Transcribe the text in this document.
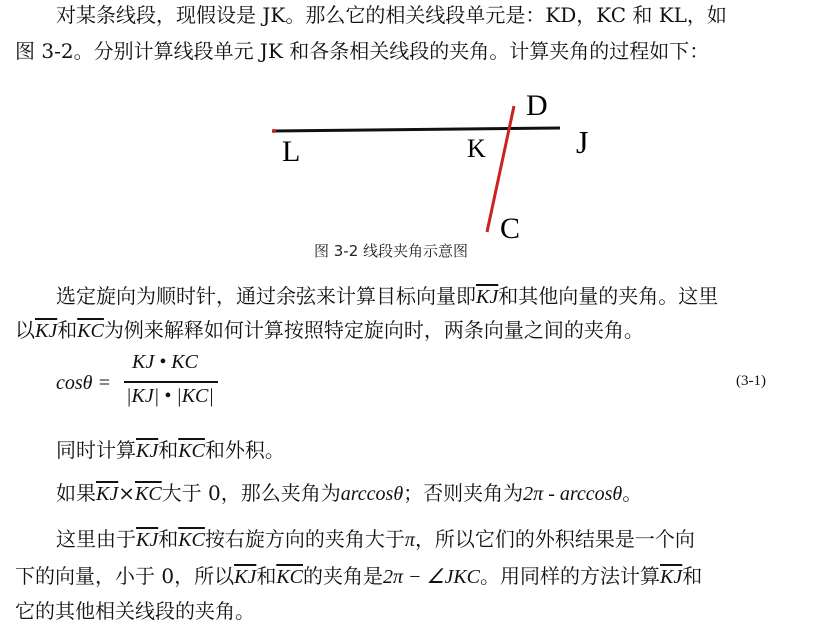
对某条线段，现假设是 JK。那么它的相关线段单元是：KD，KC 和 KL，如
图 3-2。分别计算线段单元 JK 和各条相关线段的夹角。计算夹角的过程如下：
L	K	J
D
C
图 3-2 线段夹角示意图
选定旋向为顺时针，通过余弦来计算目标向量即$\overline{KJ}$和其他向量的夹角。这里
以$\overline{KJ}$和$\overline{KC}$为例来解释如何计算按照特定旋向时，两条向量之间的夹角。
cosθ =
KJ • KC
|KJ| • |KC|
(3-1)
同时计算$\overline{KJ}$和$\overline{KC}$和外积。
如果$\overline{KJ}\times\overline{KC}$大于 0，那么夹角为arccosθ；否则夹角为2π - arccosθ。
这里由于$\overline{KJ}$和$\overline{KC}$按右旋方向的夹角大于π，所以它们的外积结果是一个向
下的向量，小于 0，所以$\overline{KJ}$和$\overline{KC}$的夹角是2π − ∠JKC。用同样的方法计算$\overline{KJ}$和
它的其他相关线段的夹角。
